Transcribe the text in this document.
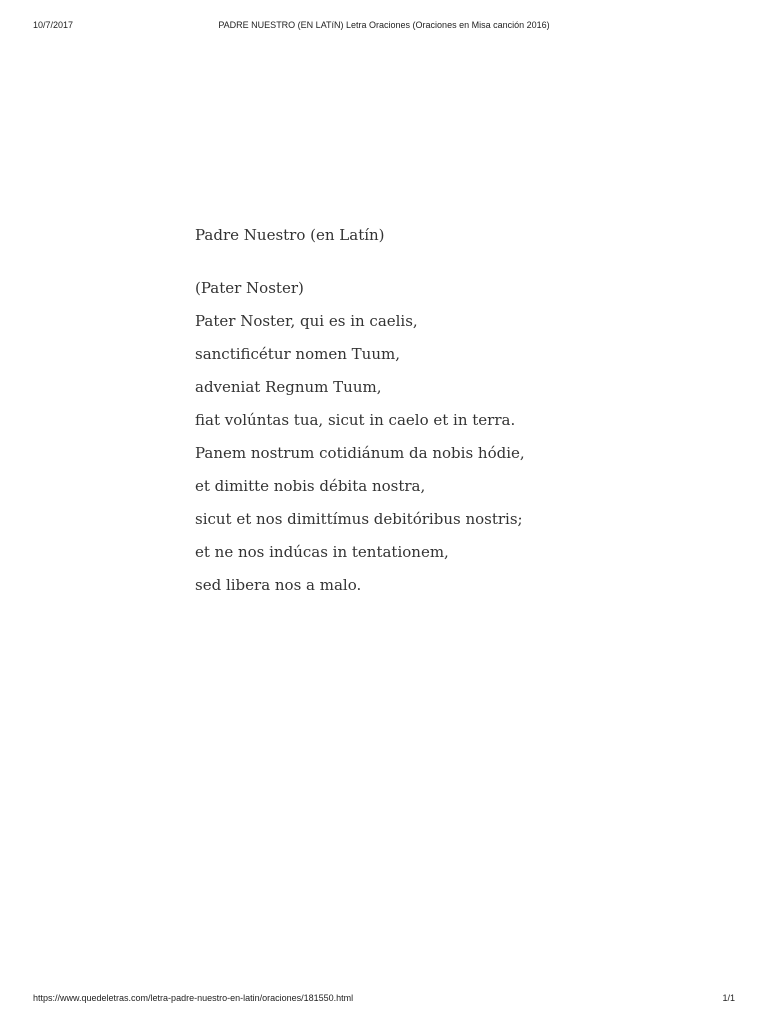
10/7/2017	PADRE NUESTRO (EN LATíN) Letra Oraciones (Oraciones en Misa canción 2016)
Padre Nuestro (en Latín)
(Pater Noster)
Pater Noster, qui es in caelis,
sanctificétur nomen Tuum,
adveniat Regnum Tuum,
fiat volúntas tua, sicut in caelo et in terra.
Panem nostrum cotidiánum da nobis hódie,
et dimitte nobis débita nostra,
sicut et nos dimittímus debitóribus nostris;
et ne nos indúcas in tentationem,
sed libera nos a malo.
https://www.quedeletras.com/letra-padre-nuestro-en-latin/oraciones/181550.html	1/1
